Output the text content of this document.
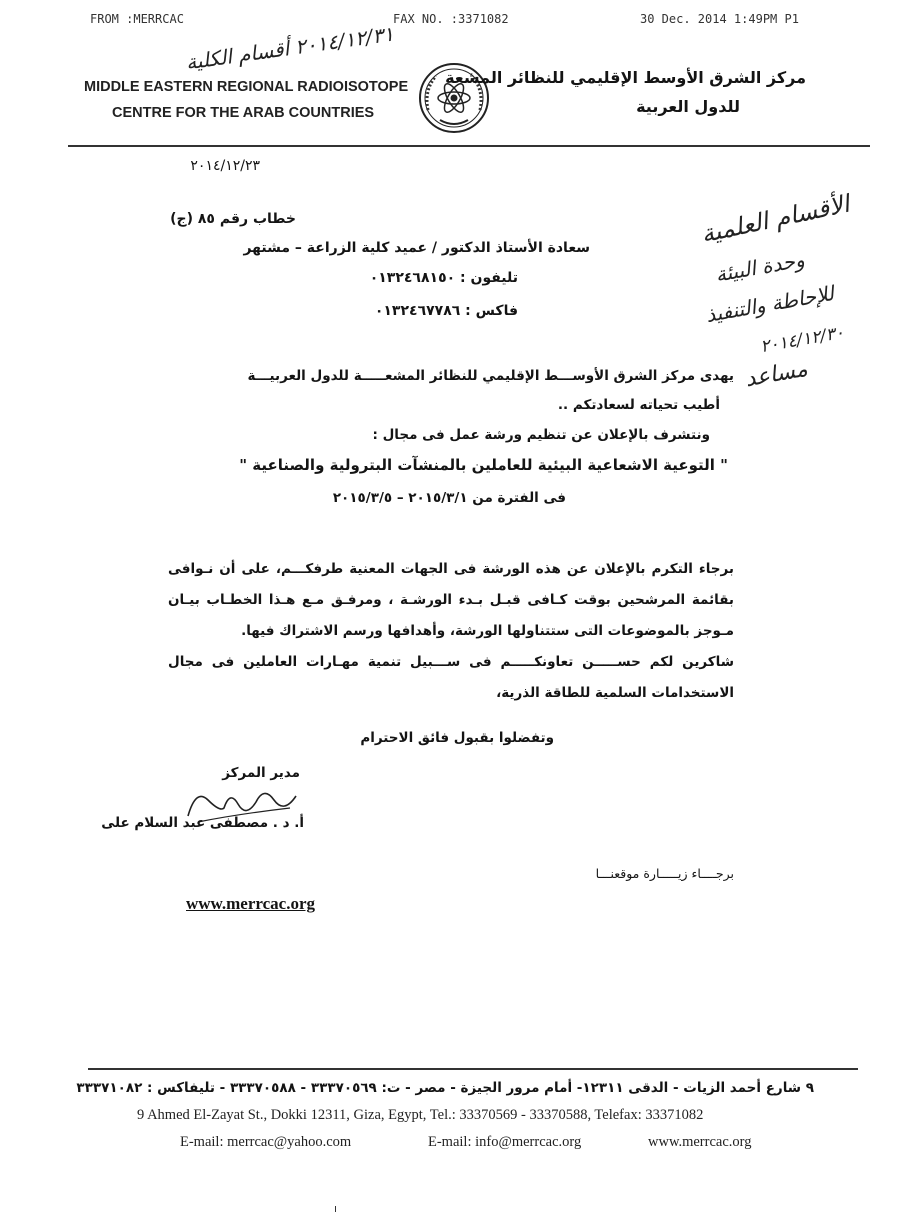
FROM :MERRCAC	FAX NO. :3371082	30 Dec. 2014 1:49PM P1
٢٠١٤/١٢/٣١ أقسام الكلية
MIDDLE EASTERN REGIONAL RADIOISOTOPE
CENTRE FOR THE ARAB COUNTRIES
مركز الشرق الأوسط الإقليمي للنظائر المشعة
للدول العربية
٢٠١٤/١٢/٢٣
خطاب رقم ٨٥ (ج)
سعادة الأستاذ الدكتور / عميد كلية الزراعة – مشتهر
تليفون : ٠١٣٢٤٦٨١٥٠
فاكس : ٠١٣٢٤٦٧٧٨٦
الأقسام العلمية
وحدة البيئة
للإحاطة والتنفيذ
٢٠١٤/١٢/٣٠
مساعد
يهدى مركز الشرق الأوســـط الإقليمي للنظائر المشعـــــة للدول العربيـــة
أطيب تحياته لسعادتكم ..
ونتشرف بالإعلان عن تنظيم ورشة عمل فى مجال :
" التوعية الاشعاعية البيئية للعاملين بالمنشآت البترولية والصناعية "
فى الفترة من ٢٠١٥/٣/١ – ٢٠١٥/٣/٥
برجاء التكرم بالإعلان عن هذه الورشة فى الجهات المعنية طرفكـــم، على أن نـوافى بقائمة المرشحين بوقت كـافى قبـل بـدء الورشـة ، ومرفـق مـع هـذا الخطـاب بيـان مـوجز بالموضوعات التى ستتناولها الورشة، وأهدافها ورسم الاشتراك فيها.
شاكرين لكم حســـــن تعاونكـــــم فى ســـبيل تنمية مهـارات العاملين فى مجال الاستخدامات السلمية للطاقة الذرية،
وتفضلوا بقبول فائق الاحترام
مدير المركز
أ. د . مصطفى عبد السلام على
برجــــاء زيـــــارة موقعنـــا
www.merrcac.org
٩ شارع أحمد الزيات - الدقى ١٢٣١١- أمام مرور الجيزة - مصر - ت: ٣٣٣٧٠٥٦٩ - ٣٣٣٧٠٥٨٨ - تليفاكس : ٣٣٣٧١٠٨٢
9 Ahmed El-Zayat St., Dokki 12311, Giza, Egypt, Tel.: 33370569 - 33370588, Telefax: 33371082
E-mail: merrcac@yahoo.com	E-mail: info@merrcac.org	www.merrcac.org
